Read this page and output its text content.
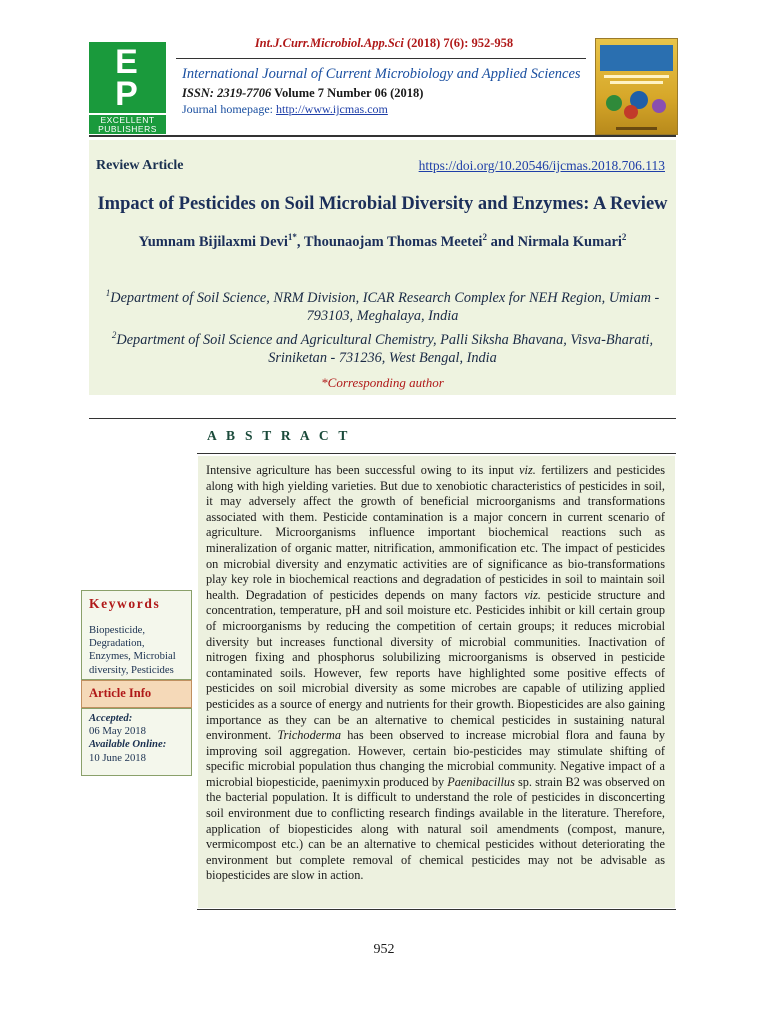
Int.J.Curr.Microbiol.App.Sci (2018) 7(6): 952-958
E
P
EXCELLENT PUBLISHERS
International Journal of Current Microbiology and Applied Sciences
ISSN: 2319-7706 Volume 7 Number 06 (2018)
Journal homepage: http://www.ijcmas.com
Review Article	https://doi.org/10.20546/ijcmas.2018.706.113
Impact of Pesticides on Soil Microbial Diversity and Enzymes: A Review
Yumnam Bijilaxmi Devi$^{1*}$, Thounaojam Thomas Meetei$^2$ and Nirmala Kumari$^2$
$^1$Department of Soil Science, NRM Division, ICAR Research Complex for NEH Region, Umiam - 793103, Meghalaya, India
$^2$Department of Soil Science and Agricultural Chemistry, Palli Siksha Bhavana, Visva-Bharati, Sriniketan - 731236, West Bengal, India
*Corresponding author
A B S T R A C T
Intensive agriculture has been successful owing to its input viz. fertilizers and pesticides along with high yielding varieties. But due to xenobiotic characteristics of pesticides in soil, it may adversely affect the growth of beneficial microorganisms and transformations associated with them. Pesticide contamination is a major concern in current scenario of agriculture. Microorganisms influence important biochemical reactions such as mineralization of organic matter, nitrification, ammonification etc. The impact of pesticides on microbial diversity and enzymatic activities are of significance as bio-transformations play key role in biochemical reactions and degradation of pesticides in soil to maintain soil health. Degradation of pesticides depends on many factors viz. pesticide structure and concentration, temperature, pH and soil moisture etc. Pesticides inhibit or kill certain group of microorganisms by reducing the competition of certain groups; it reduces microbial diversity but increases functional diversity of microbial communities. Inactivation of nitrogen fixing and phosphorus solubilizing microorganisms is observed in pesticide contaminated soils. However, few reports have highlighted some positive effects of pesticides on soil microbial diversity as some microbes are capable of utilizing applied pesticides as a source of energy and nutrients for their growth. Biopesticides are also gaining importance as they can be an alternative to chemical pesticides in sustaining natural environment. Trichoderma has been observed to increase microbial flora and fauna by improving soil aggregation. However, certain bio-pesticides may stimulate shifting of specific microbial population thus changing the microbial community. Negative impact of a microbial biopesticide, paenimyxin produced by Paenibacillus sp. strain B2 was observed on the bacterial population. It is difficult to understand the role of pesticides in disconcerting soil environment due to conflicting research findings available in the literature. Therefore, application of biopesticides along with natural soil amendments (compost, manure, vermicompost etc.) can be an alternative to chemical pesticides without deteriorating the environment but complete removal of chemical pesticides may not be advisable as biopesticides are slow in action.
Keywords
Biopesticide, Degradation, Enzymes, Microbial diversity, Pesticides
Article Info
Accepted:
06 May 2018
Available Online:
10 June 2018
952
